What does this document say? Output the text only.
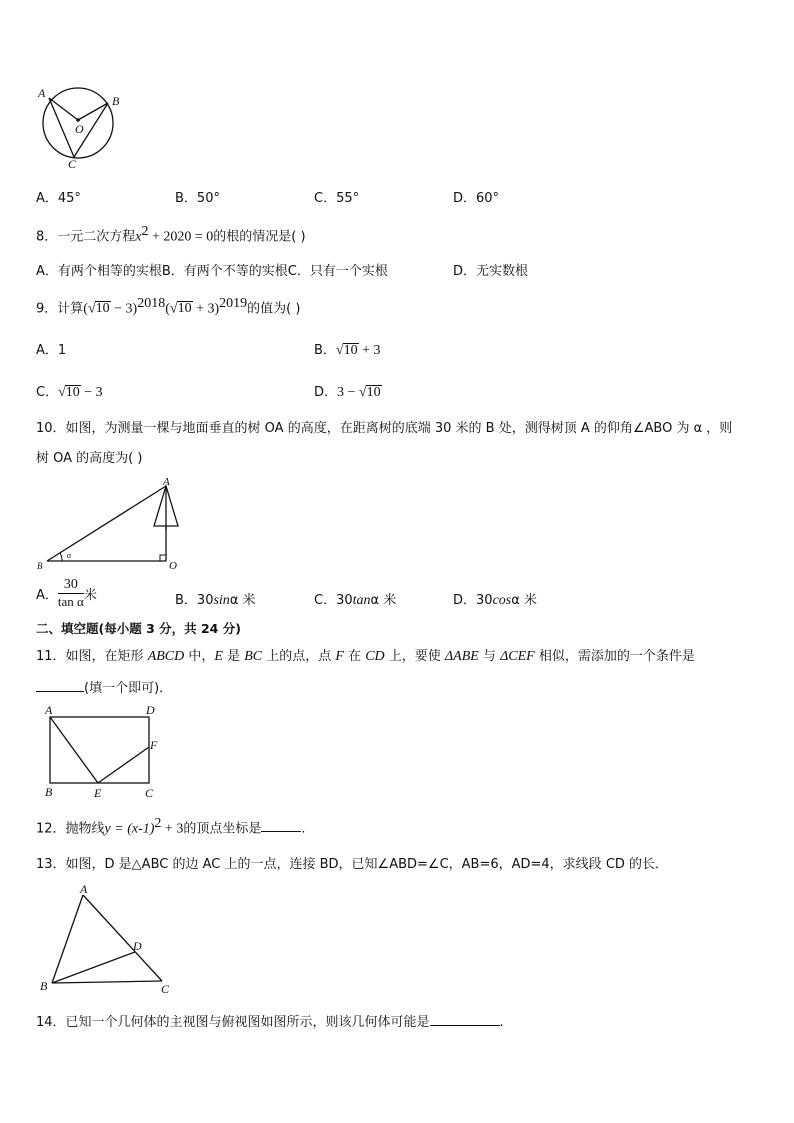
A
B
O
C
A．45°	B．50°	C．55°	D．60°
8．一元二次方程$x^2 + 2020 = 0$的根的情况是( )
A．有两个相等的实根B．有两个不等的实根C．只有一个实根	D．无实数根
9．计算$(√10 - 3)^{2018}(√10 + 3)^{2019}$的值为( )
A．1	B．√10 + 3
C．√10 − 3	D．3 − √10
10．如图，为测量一棵与地面垂直的树 OA 的高度，在距离树的底端 30 米的 B 处，测得树顶 A 的仰角∠ABO 为 α ，则
树 OA 的高度为( )
α
A
B	O
A． $\frac{30}{\text{tan α}}$ 米	B．30sinα 米	C．30tanα 米	D．30cosα 米
二、填空题(每小题 3 分，共 24 分)
11．如图，在矩形 ABCD 中，E 是 BC 上的点，点 F 在 CD 上，要使 ΔABE 与 ΔCEF 相似，需添加的一个条件是
(填一个即可)．
A	D
F
B	E	C
12．抛物线$y = (x-1)^2 + 3$的顶点坐标是	.
13．如图，D 是△ABC 的边 AC 上的一点，连接 BD，已知∠ABD=∠C，AB=6，AD=4，求线段 CD 的长．
A
D
B	C
14．已知一个几何体的主视图与俯视图如图所示，则该几何体可能是	.
